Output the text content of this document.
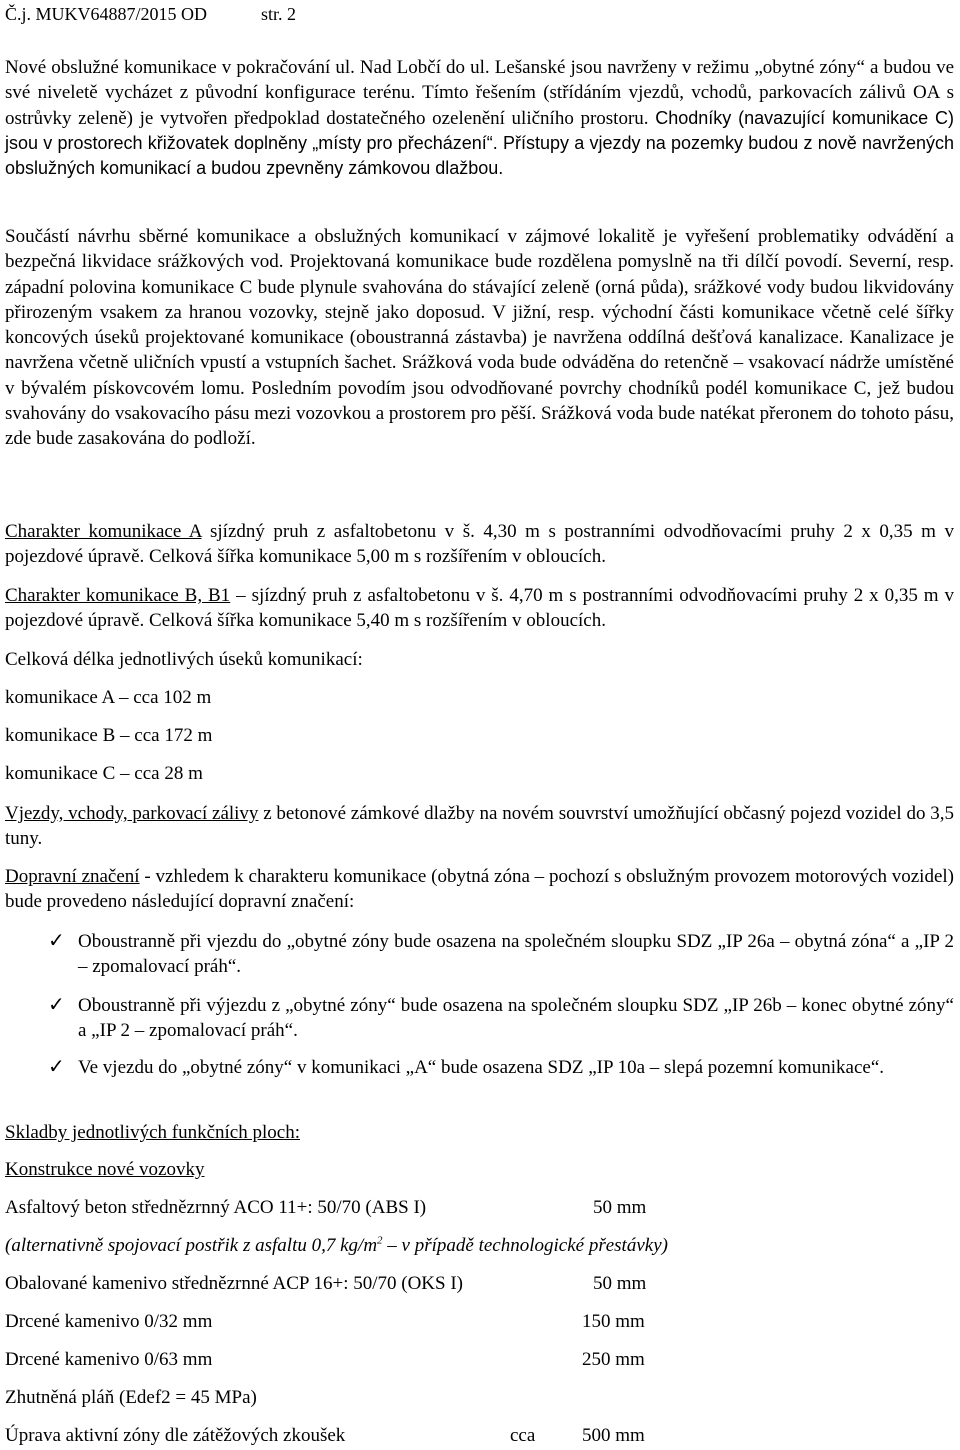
Č.j. MUKV64887/2015 OD	str. 2

Nové obslužné komunikace v pokračování ul. Nad Lobčí do ul. Lešanské jsou navrženy v režimu „obytné zóny“ a budou ve své niveletě vycházet z původní konfigurace terénu. Tímto řešením (střídáním vjezdů, vchodů, parkovacích zálivů OA s ostrůvky zeleně) je vytvořen předpoklad dostatečného ozelenění uličního prostoru. Chodníky (navazující komunikace C) jsou v prostorech křižovatek doplněny „místy pro přecházení“. Přístupy a vjezdy na pozemky budou z nově navržených obslužných komunikací a budou zpevněny zámkovou dlažbou.

Součástí návrhu sběrné komunikace a obslužných komunikací v zájmové lokalitě je vyřešení problematiky odvádění a bezpečná likvidace srážkových vod. Projektovaná komunikace bude rozdělena pomyslně na tři dílčí povodí. Severní, resp. západní polovina komunikace C bude plynule svahována do stávající zeleně (orná půda), srážkové vody budou likvidovány přirozeným vsakem za hranou vozovky, stejně jako doposud. V jižní, resp. východní části komunikace včetně celé šířky koncových úseků projektované komunikace (oboustranná zástavba) je navržena oddílná dešťová kanalizace. Kanalizace je navržena včetně uličních vpustí a vstupních šachet. Srážková voda bude odváděna do retenčně – vsakovací nádrže umístěné v bývalém pískovcovém lomu. Posledním povodím jsou odvodňované povrchy chodníků podél komunikace C, jež budou svahovány do vsakovacího pásu mezi vozovkou a prostorem pro pěší. Srážková voda bude natékat přeronem do tohoto pásu, zde bude zasakována do podloží.

Charakter komunikace A sjízdný pruh z asfaltobetonu v š. 4,30 m s postranními odvodňovacími pruhy 2 x 0,35 m v pojezdové úpravě. Celková šířka komunikace 5,00 m s rozšířením v obloucích.

Charakter komunikace B, B1 – sjízdný pruh z asfaltobetonu v š. 4,70 m s postranními odvodňovacími pruhy 2 x 0,35 m v pojezdové úpravě. Celková šířka komunikace 5,40 m s rozšířením v obloucích.

Celková délka jednotlivých úseků komunikací:

komunikace A – cca 102 m
komunikace B – cca 172 m
komunikace C – cca 28 m

Vjezdy, vchody, parkovací zálivy z betonové zámkové dlažby na novém souvrství umožňující občasný pojezd vozidel do 3,5 tuny.

Dopravní značení - vzhledem k charakteru komunikace (obytná zóna – pochozí s obslužným provozem motorových vozidel) bude provedeno následující dopravní značení:

✓ Oboustranně při vjezdu do „obytné zóny bude osazena na společném sloupku SDZ „IP 26a – obytná zóna“ a „IP 2 – zpomalovací práh“.
✓ Oboustranně při výjezdu z „obytné zóny“ bude osazena na společném sloupku SDZ „IP 26b – konec obytné zóny“ a „IP 2 – zpomalovací práh“.
✓ Ve vjezdu do „obytné zóny“ v komunikaci „A“ bude osazena SDZ „IP 10a – slepá pozemní komunikace“.
Skladby jednotlivých funkčních ploch:
Konstrukce nové vozovky
Asfaltový beton střednězrnný ACO 11+: 50/70 (ABS I)	50 mm
(alternativně spojovací postřik z asfaltu 0,7 $kg/m^2$ – v případě technologické přestávky)
Obalované kamenivo střednězrnné ACP 16+: 50/70 (OKS I)	50 mm
Drcené kamenivo 0/32 mm	150 mm
Drcené kamenivo 0/63 mm	250 mm
Zhutněná pláň (Edef2 = 45 MPa)
Úprava aktivní zóny dle zátěžových zkoušek	cca 500 mm
